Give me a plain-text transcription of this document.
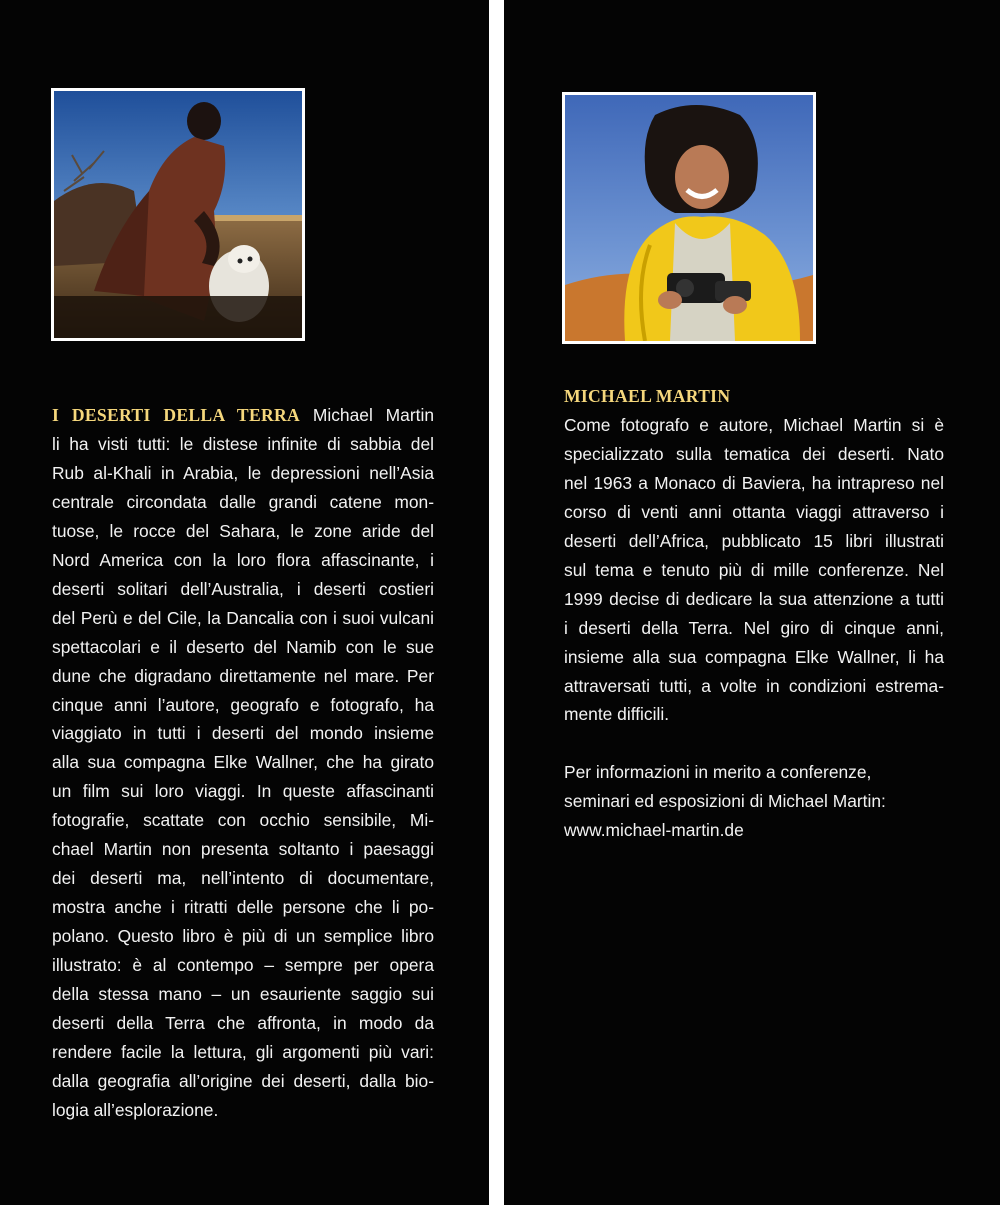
I DESERTI DELLA TERRA Michael Martin
li ha visti tutti: le distese infinite di sabbia del
Rub al-Khali in Arabia, le depressioni nell’Asia
centrale circondata dalle grandi catene mon-
tuose, le rocce del Sahara, le zone aride del
Nord America con la loro flora affascinante, i
deserti solitari dell’Australia, i deserti costieri
del Perù e del Cile, la Dancalia con i suoi vulcani
spettacolari e il deserto del Namib con le sue
dune che digradano direttamente nel mare. Per
cinque anni l’autore, geografo e fotografo, ha
viaggiato in tutti i deserti del mondo insieme
alla sua compagna Elke Wallner, che ha girato
un film sui loro viaggi. In queste affascinanti
fotografie, scattate con occhio sensibile, Mi-
chael Martin non presenta soltanto i paesaggi
dei deserti ma, nell’intento di documentare,
mostra anche i ritratti delle persone che li po-
polano. Questo libro è più di un semplice libro
illustrato: è al contempo – sempre per opera
della stessa mano – un esauriente saggio sui
deserti della Terra che affronta, in modo da
rendere facile la lettura, gli argomenti più vari:
dalla geografia all’origine dei deserti, dalla bio-
logia all’esplorazione.
MICHAEL MARTIN
Come fotografo e autore, Michael Martin si è
specializzato sulla tematica dei deserti. Nato
nel 1963 a Monaco di Baviera, ha intrapreso nel
corso di venti anni ottanta viaggi attraverso i
deserti dell’Africa, pubblicato 15 libri illustrati
sul tema e tenuto più di mille conferenze. Nel
1999 decise di dedicare la sua attenzione a tutti
i deserti della Terra. Nel giro di cinque anni,
insieme alla sua compagna Elke Wallner, li ha
attraversati tutti, a volte in condizioni estrema-
mente difficili.
Per informazioni in merito a conferenze,
seminari ed esposizioni di Michael Martin:
www.michael-martin.de
